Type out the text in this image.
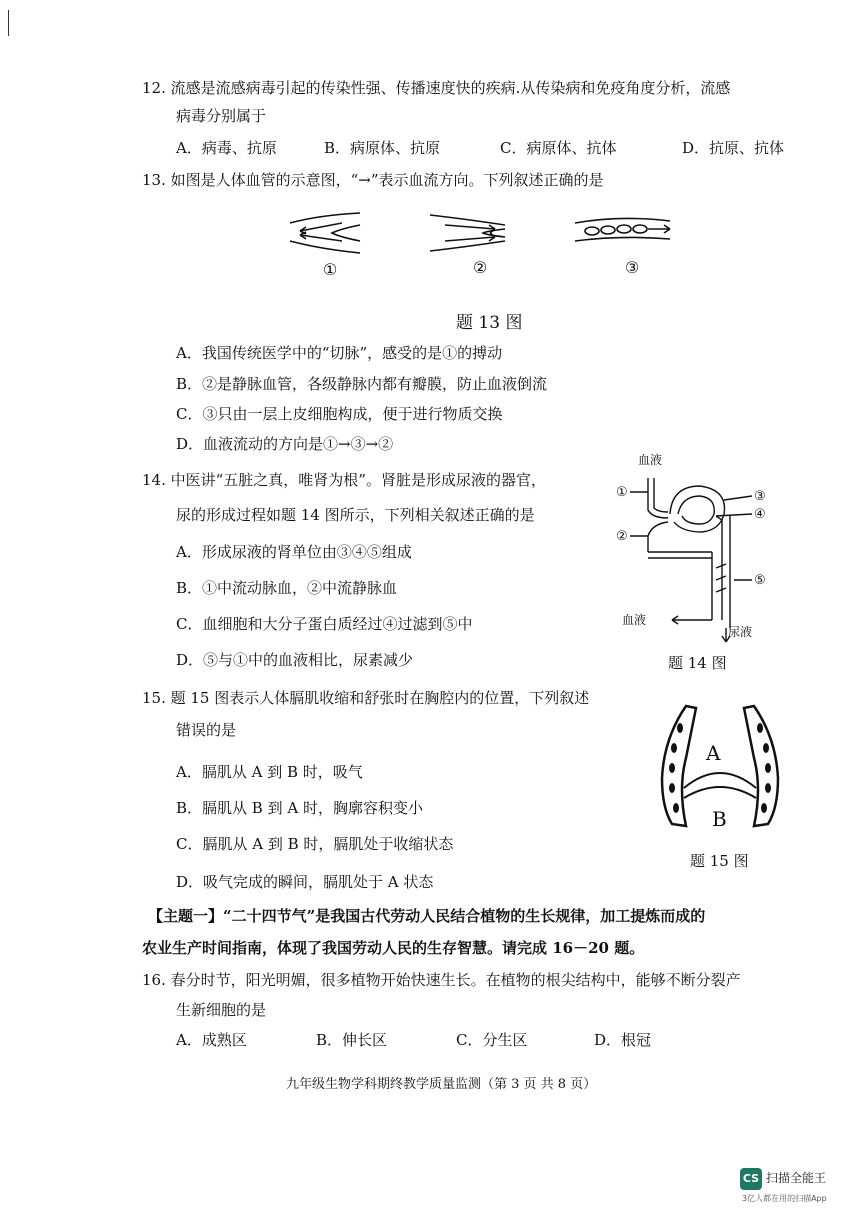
12. 流感是流感病毒引起的传染性强、传播速度快的疾病.从传染病和免疫角度分析，流感
病毒分别属于
A．病毒、抗原	B．病原体、抗原	C．病原体、抗体	D．抗原、抗体
13. 如图是人体血管的示意图，“→”表示血流方向。下列叙述正确的是
①	②	③
题 13 图
A．我国传统医学中的“切脉”，感受的是①的搏动
B．②是静脉血管，各级静脉内都有瓣膜，防止血液倒流
C．③只由一层上皮细胞构成，便于进行物质交换
D．血液流动的方向是①→③→②
14. 中医讲“五脏之真，唯肾为根”。肾脏是形成尿液的器官，
尿的形成过程如题 14 图所示，下列相关叙述正确的是
A．形成尿液的肾单位由③④⑤组成
B．①中流动脉血，②中流静脉血
C．血细胞和大分子蛋白质经过④过滤到⑤中
D．⑤与①中的血液相比，尿素减少
血液
①
②
③
④
⑤
血液
尿液
题 14 图
15. 题 15 图表示人体膈肌收缩和舒张时在胸腔内的位置，下列叙述
错误的是
A．膈肌从 A 到 B 时，吸气
B．膈肌从 B 到 A 时，胸廓容积变小
C．膈肌从 A 到 B 时，膈肌处于收缩状态
D．吸气完成的瞬间，膈肌处于 A 状态
A
B
题 15 图
【主题一】“二十四节气”是我国古代劳动人民结合植物的生长规律，加工提炼而成的
农业生产时间指南，体现了我国劳动人民的生存智慧。请完成 16－20 题。
16. 春分时节，阳光明媚，很多植物开始快速生长。在植物的根尖结构中，能够不断分裂产
生新细胞的是
A．成熟区	B．伸长区	C．分生区	D．根冠
九年级生物学科期终教学质量监测（第 3 页 共 8 页）
CS 扫描全能王
3亿人都在用的扫描App
